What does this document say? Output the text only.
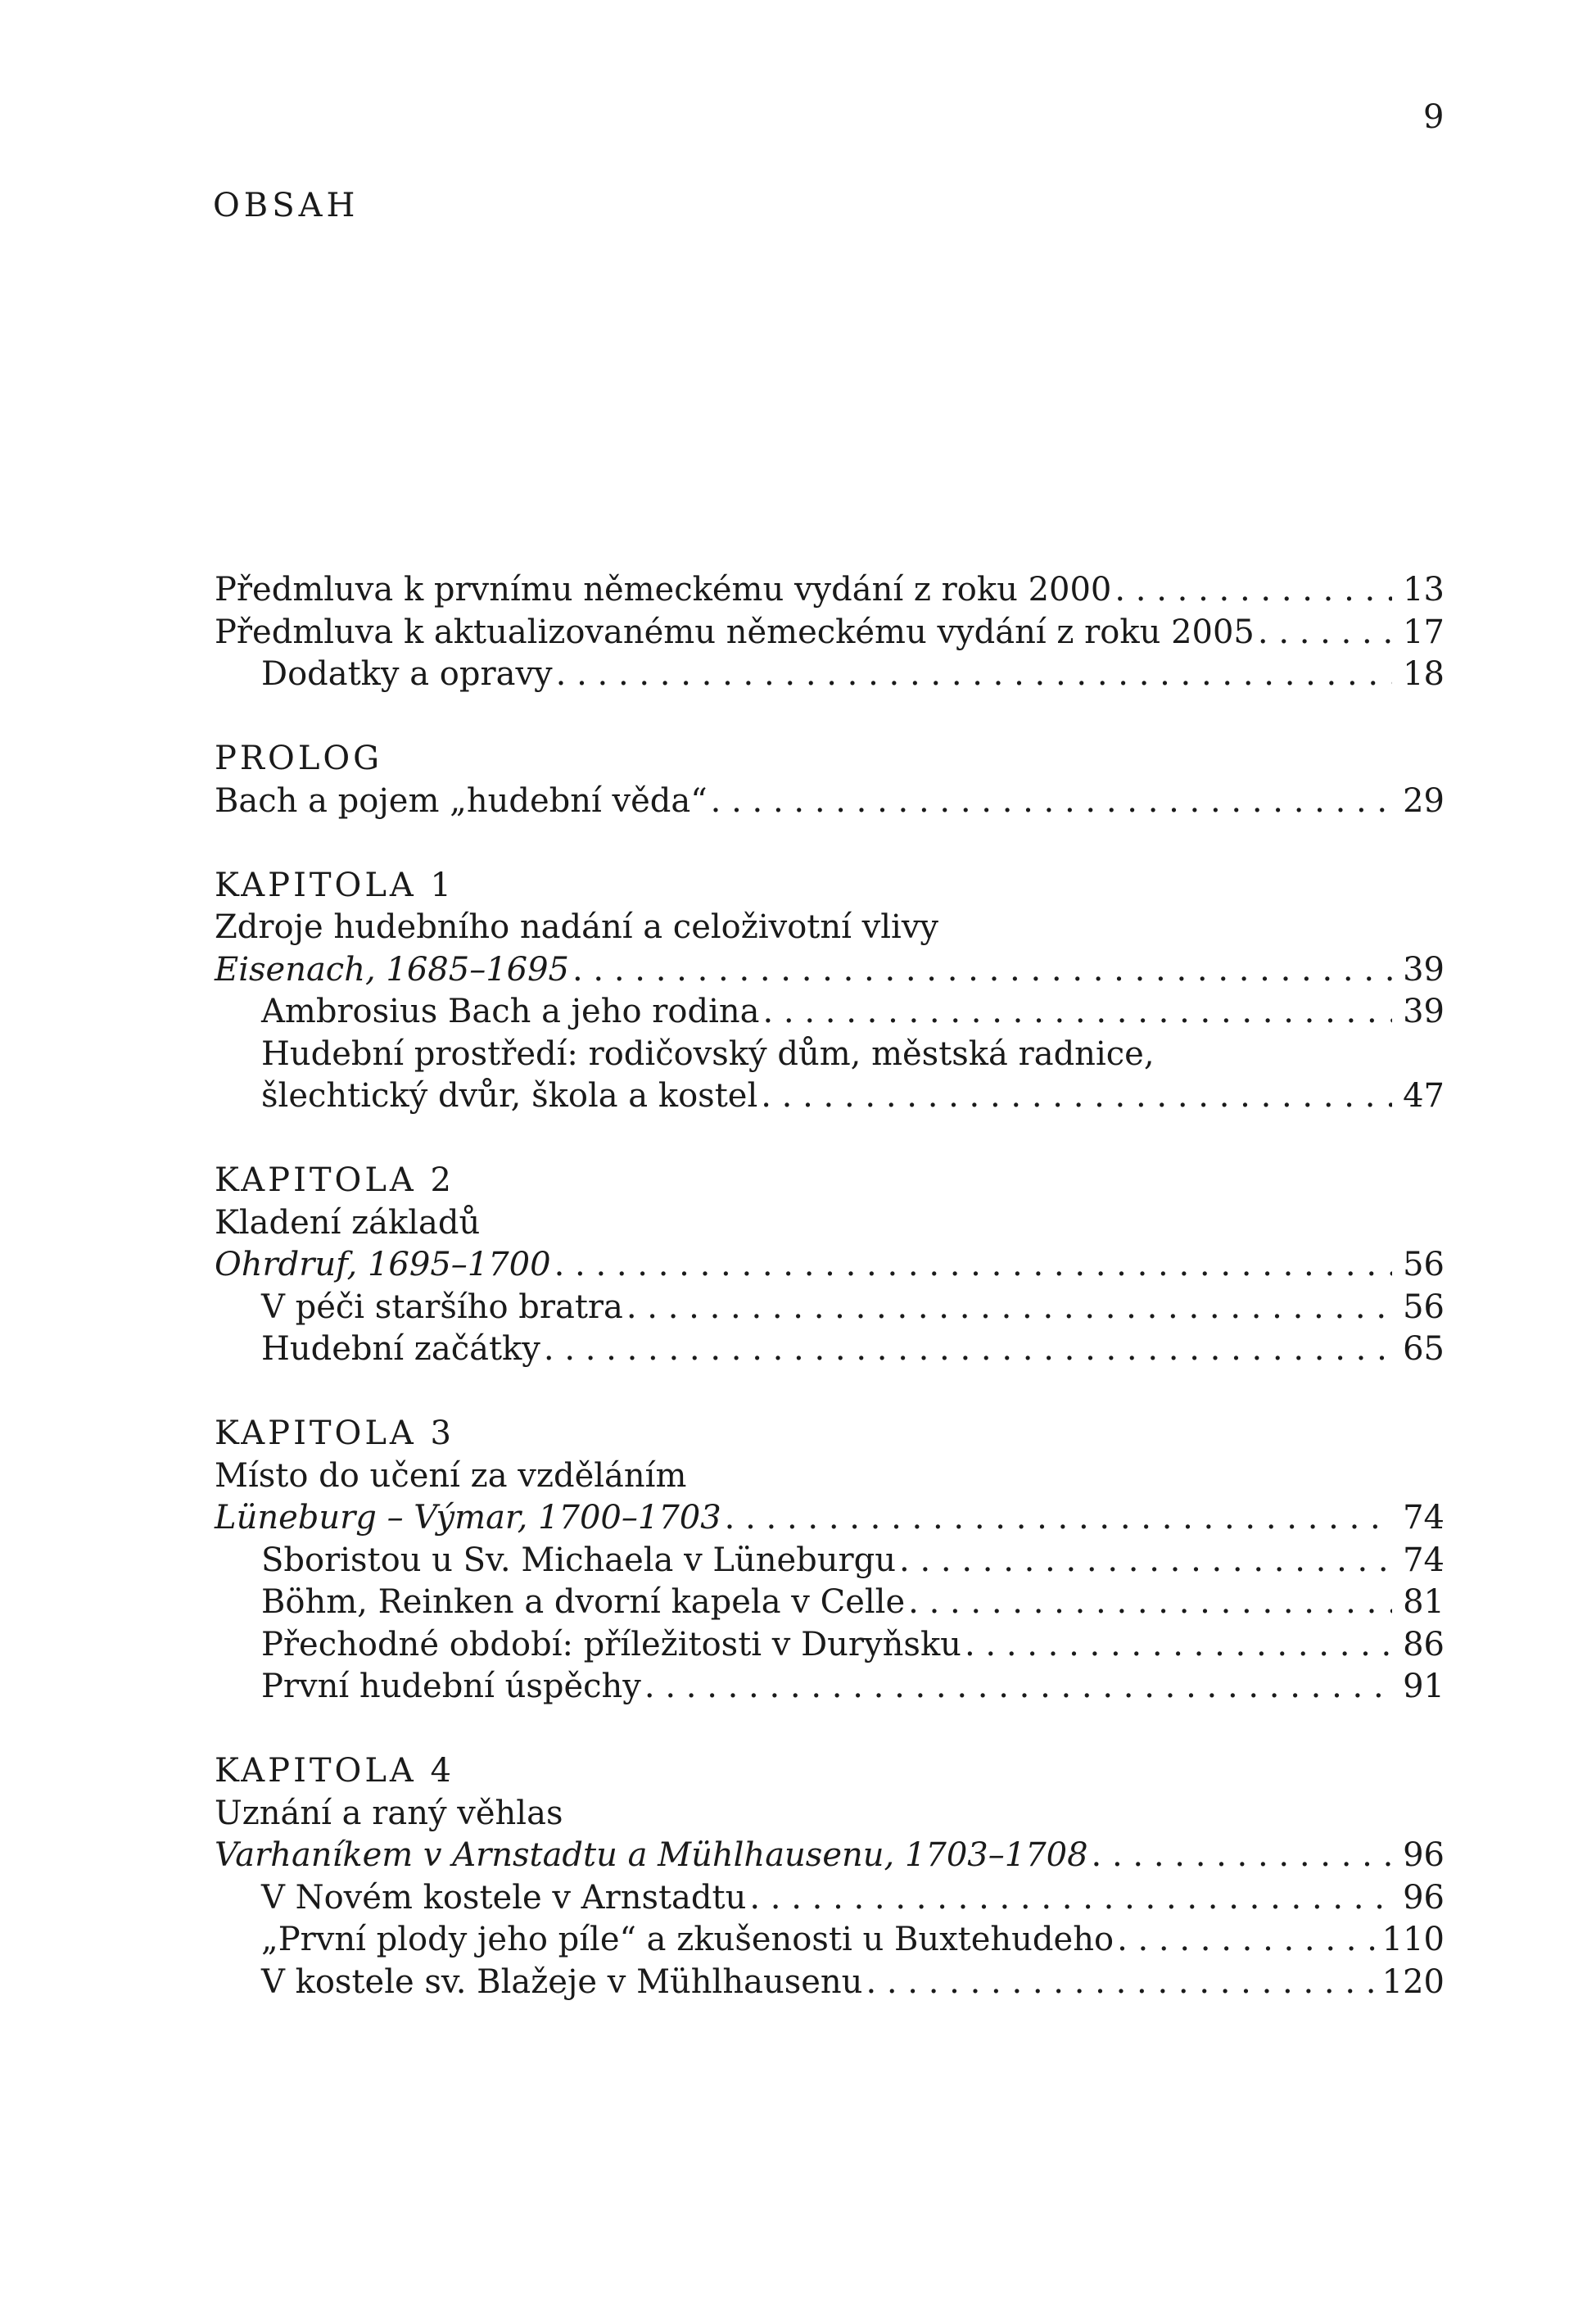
9
OBSAH
Předmluva k prvnímu německému vydání z roku 2000 . . .	13
Předmluva k aktualizovanému německému vydání z roku 2005 . . .	17
Dodatky a opravy . . .	18
PROLOG
Bach a pojem „hudební věda“ . . .	29
KAPITOLA 1
Zdroje hudebního nadání a celoživotní vlivy
Eisenach, 1685–1695 . . .	39
Ambrosius Bach a jeho rodina . . .	39
Hudební prostředí: rodičovský dům, městská radnice,
šlechtický dvůr, škola a kostel . . .	47
KAPITOLA 2
Kladení základů
Ohrdruf, 1695–1700 . . .	56
V péči staršího bratra . . .	56
Hudební začátky . . .	65
KAPITOLA 3
Místo do učení za vzděláním
Lüneburg – Výmar, 1700–1703 . . .	74
Sboristou u Sv. Michaela v Lüneburgu . . .	74
Böhm, Reinken a dvorní kapela v Celle . . .	81
Přechodné období: příležitosti v Duryňsku . . .	86
První hudební úspěchy . . .	91
KAPITOLA 4
Uznání a raný věhlas
Varhaníkem v Arnstadtu a Mühlhausenu, 1703–1708 . . .	96
V Novém kostele v Arnstadtu . . .	96
„První plody jeho píle“ a zkušenosti u Buxtehudeho . . .	110
V kostele sv. Blažeje v Mühlhausenu . . .	120
